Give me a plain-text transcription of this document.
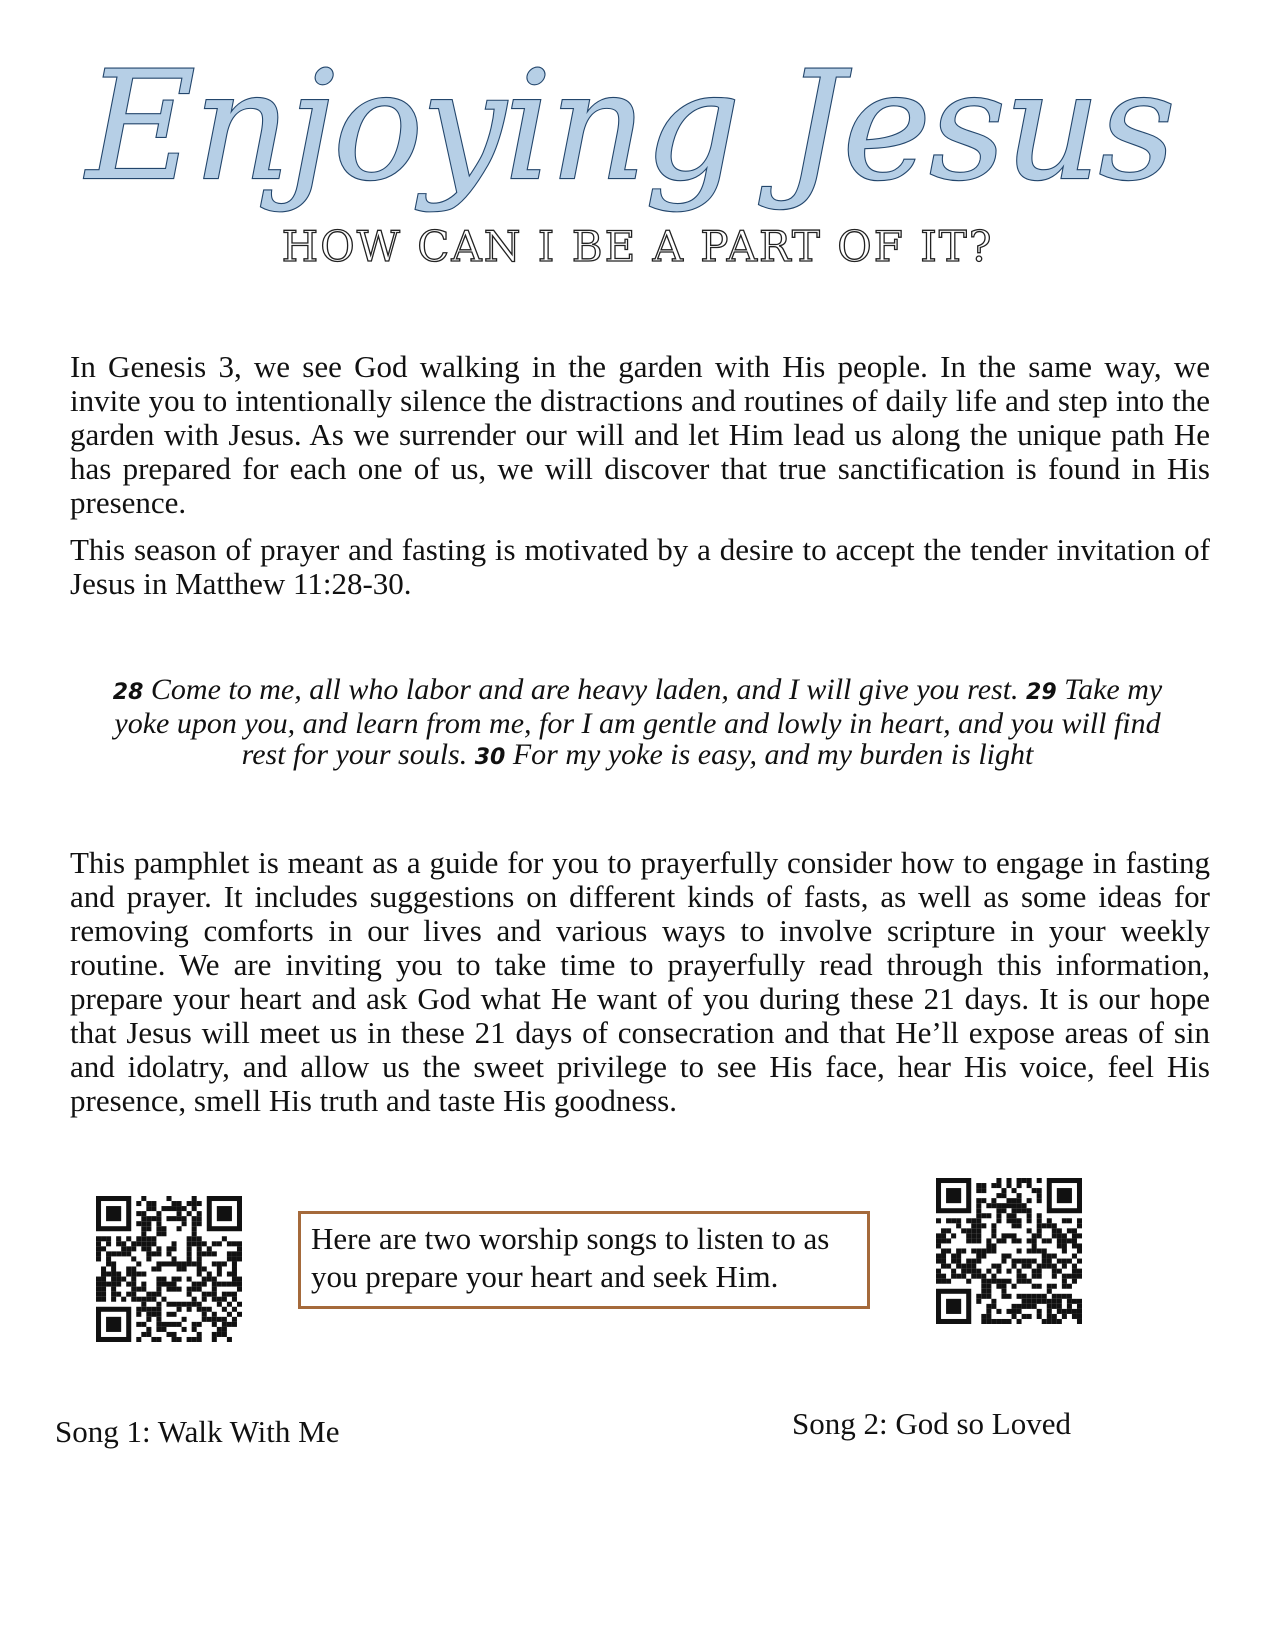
Enjoying Jesus
HOW CAN I BE A PART OF IT?

In Genesis 3, we see God walking in the garden with His people. In the same way, we invite you to intentionally silence the distractions and routines of daily life and step into the garden with Jesus. As we surrender our will and let Him lead us along the unique path He has prepared for each one of us, we will discover that true sanctification is found in His presence.

This season of prayer and fasting is motivated by a desire to accept the tender invitation of Jesus in Matthew 11:28-30.

28 Come to me, all who labor and are heavy laden, and I will give you rest. 29 Take my yoke upon you, and learn from me, for I am gentle and lowly in heart, and you will find rest for your souls. 30 For my yoke is easy, and my burden is light

This pamphlet is meant as a guide for you to prayerfully consider how to engage in fasting and prayer. It includes suggestions on different kinds of fasts, as well as some ideas for removing comforts in our lives and various ways to involve scripture in your weekly routine. We are inviting you to take time to prayerfully read through this information, prepare your heart and ask God what He want of you during these 21 days. It is our hope that Jesus will meet us in these 21 days of consecration and that He’ll expose areas of sin and idolatry, and allow us the sweet privilege to see His face, hear His voice, feel His presence, smell His truth and taste His goodness.

Here are two worship songs to listen to as you prepare your heart and seek Him.
Song 1: Walk With Me	Song 2: God so Loved
